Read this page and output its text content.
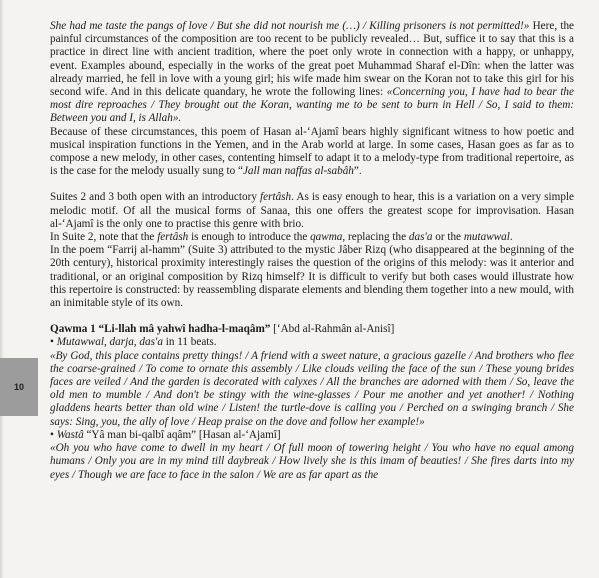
10

She had me taste the pangs of love / But she did not nourish me (…) / Killing prisoners is not permitted!» Here, the painful circumstances of the composition are too recent to be publicly revealed… But, suffice it to say that this is a practice in direct line with ancient tradition, where the poet only wrote in connection with a happy, or unhappy, event. Examples abound, especially in the works of the great poet Muhammad Sharaf el-Dîn: when the latter was already married, he fell in love with a young girl; his wife made him swear on the Koran not to take this girl for his second wife. And in this delicate quandary, he wrote the following lines: «Concerning you, I have had to bear the most dire reproaches / They brought out the Koran, wanting me to be sent to burn in Hell / So, I said to them: Between you and I, is Allah».

Because of these circumstances, this poem of Hasan al-‘Ajamî bears highly significant witness to how poetic and musical inspiration functions in the Yemen, and in the Arab world at large. In some cases, Hasan goes as far as to compose a new melody, in other cases, contenting himself to adapt it to a melody-type from traditional repertoire, as is the case for the melody usually sung to “Jall man naffas al-sabâh”.

Suites 2 and 3 both open with an introductory fertâsh. As is easy enough to hear, this is a variation on a very simple melodic motif. Of all the musical forms of Sanaa, this one offers the greatest scope for improvisation. Hasan al-‘Ajamî is the only one to practise this genre with brio.

In Suite 2, note that the fertâsh is enough to introduce the qawma, replacing the das'a or the mutawwal.

In the poem “Farrij al-hamm” (Suite 3) attributed to the mystic Jâber Rizq (who disappeared at the beginning of the 20th century), historical proximity interestingly raises the question of the origins of this melody: was it anterior and traditional, or an original composition by Rizq himself? It is difficult to verify but both cases would illustrate how this repertoire is constructed: by reassembling disparate elements and blending them together into a new mould, with an inimitable style of its own.

Qawma 1 “Li-llah mâ yahwî hadha-l-maqâm” [‘Abd al-Rahmân al-Anisî]

• Mutawwal, darja, das'a in 11 beats.

«By God, this place contains pretty things! / A friend with a sweet nature, a gracious gazelle / And brothers who flee the coarse-grained / To come to ornate this assembly / Like clouds veiling the face of the sun / These young brides faces are veiled / And the garden is decorated with calyxes / All the branches are adorned with them / So, leave the old men to mumble / And don't be stingy with the wine-glasses / Pour me another and yet another! / Nothing gladdens hearts better than old wine / Listen! the turtle-dove is calling you / Perched on a swinging branch / She says: Sing, you, the ally of love / Heap praise on the dove and follow her example!»

• Wastâ “Yâ man bi-qalbî aqâm” [Hasan al-‘Ajamî]

«Oh you who have come to dwell in my heart / Of full moon of towering height / You who have no equal among humans / Only you are in my mind till daybreak / How lively she is this imam of beauties! / She fires darts into my eyes / Though we are face to face in the salon / We are as far apart as the
